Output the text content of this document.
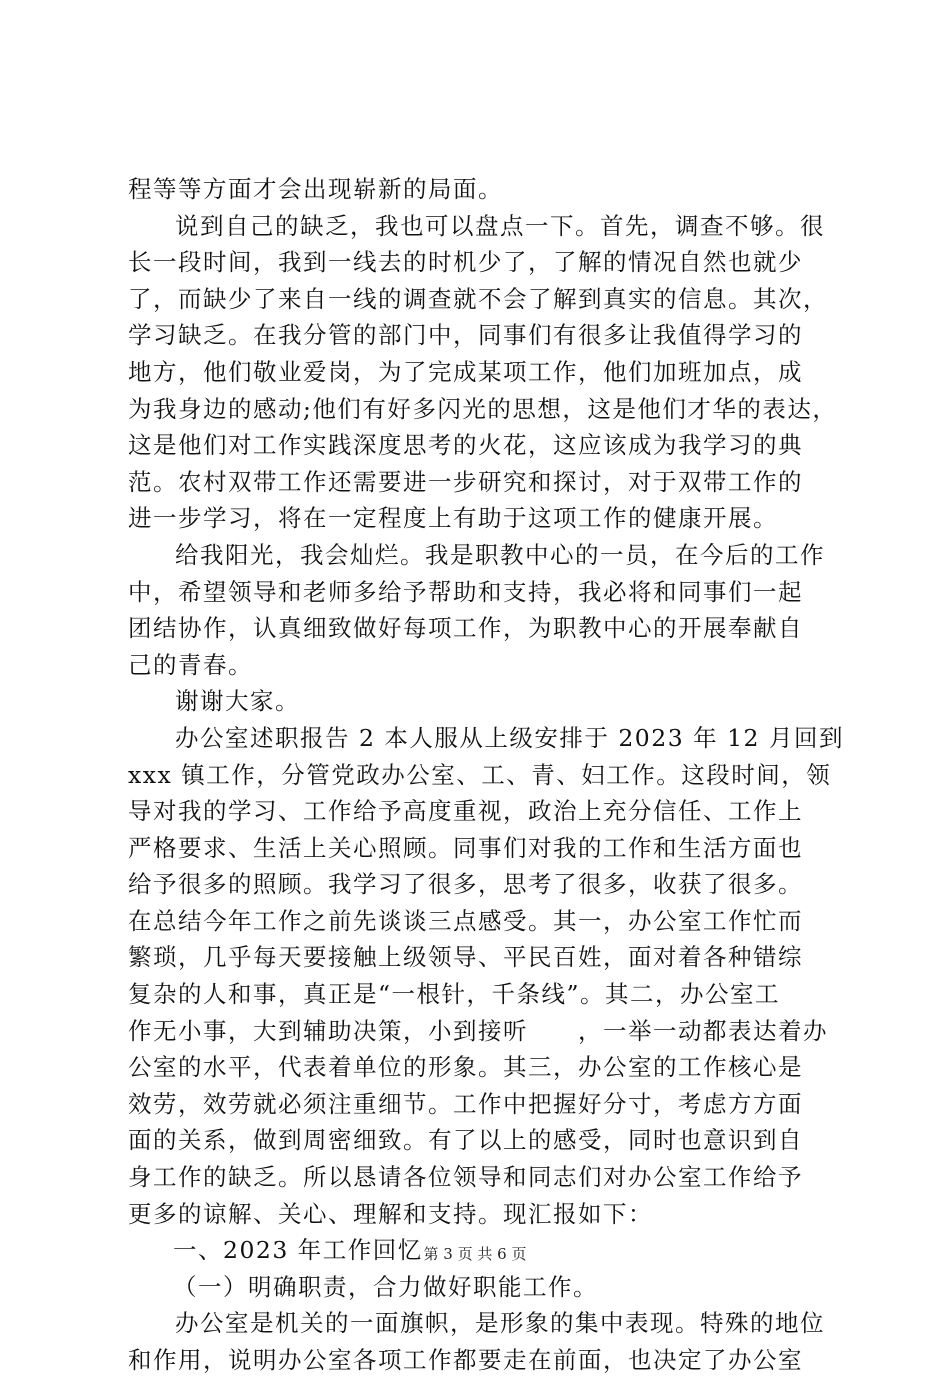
程等等方面才会出现崭新的局面。
说到自己的缺乏，我也可以盘点一下。首先，调查不够。很
长一段时间，我到一线去的时机少了，了解的情况自然也就少
了，而缺少了来自一线的调查就不会了解到真实的信息。其次，
学习缺乏。在我分管的部门中，同事们有很多让我值得学习的
地方，他们敬业爱岗，为了完成某项工作，他们加班加点，成
为我身边的感动;他们有好多闪光的思想，这是他们才华的表达，
这是他们对工作实践深度思考的火花，这应该成为我学习的典
范。农村双带工作还需要进一步研究和探讨，对于双带工作的
进一步学习，将在一定程度上有助于这项工作的健康开展。
给我阳光，我会灿烂。我是职教中心的一员，在今后的工作
中，希望领导和老师多给予帮助和支持，我必将和同事们一起
团结协作，认真细致做好每项工作，为职教中心的开展奉献自
己的青春。
谢谢大家。
办公室述职报告 2 本人服从上级安排于 2023 年 12 月回到
xxx 镇工作，分管党政办公室、工、青、妇工作。这段时间，领
导对我的学习、工作给予高度重视，政治上充分信任、工作上
严格要求、生活上关心照顾。同事们对我的工作和生活方面也
给予很多的照顾。我学习了很多，思考了很多，收获了很多。
在总结今年工作之前先谈谈三点感受。其一，办公室工作忙而
繁琐，几乎每天要接触上级领导、平民百姓，面对着各种错综
复杂的人和事，真正是“一根针，千条线”。其二，办公室工
作无小事，大到辅助决策，小到接听　　，一举一动都表达着办
公室的水平，代表着单位的形象。其三，办公室的工作核心是
效劳，效劳就必须注重细节。工作中把握好分寸，考虑方方面
面的关系，做到周密细致。有了以上的感受，同时也意识到自
身工作的缺乏。所以恳请各位领导和同志们对办公室工作给予
更多的谅解、关心、理解和支持。现汇报如下：
一、2023 年工作回忆
（一）明确职责，合力做好职能工作。
办公室是机关的一面旗帜，是形象的集中表现。特殊的地位
和作用，说明办公室各项工作都要走在前面，也决定了办公室
第 3 页 共 6 页
